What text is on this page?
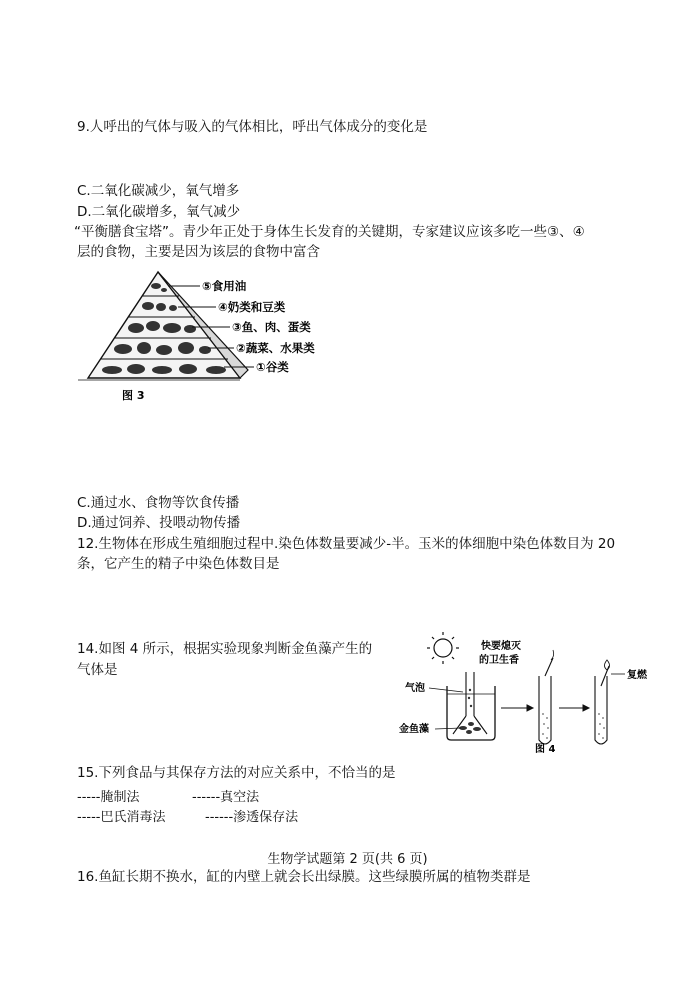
9.人呼出的气体与吸入的气体相比，呼出气体成分的变化是
C.二氧化碳减少，氧气增多
D.二氧化碳增多，氧气减少
“平衡膳食宝塔”。青少年正处于身体生长发育的关键期，专家建议应该多吃一些③、④
层的食物，主要是因为该层的食物中富含
⑤食用油
④奶类和豆类
③鱼、肉、蛋类
②蔬菜、水果类
①谷类
图 3
C.通过水、食物等饮食传播
D.通过饲养、投喂动物传播
12.生物体在形成生殖细胞过程中.染色体数量要减少-半。玉米的体细胞中染色体数目为 20
条，它产生的精子中染色体数目是
14.如图 4 所示，根据实验现象判断金鱼藻产生的
气体是
快要熄灭
的卫生香
气泡
金鱼藻
复燃
图 4
15.下列食品与其保存方法的对应关系中，不恰当的是
-----腌制法	------真空法
-----巴氏消毒法	------渗透保存法
生物学试题第 2 页(共 6 页)
16.鱼缸长期不换水，缸的内壁上就会长出绿膜。这些绿膜所属的植物类群是
